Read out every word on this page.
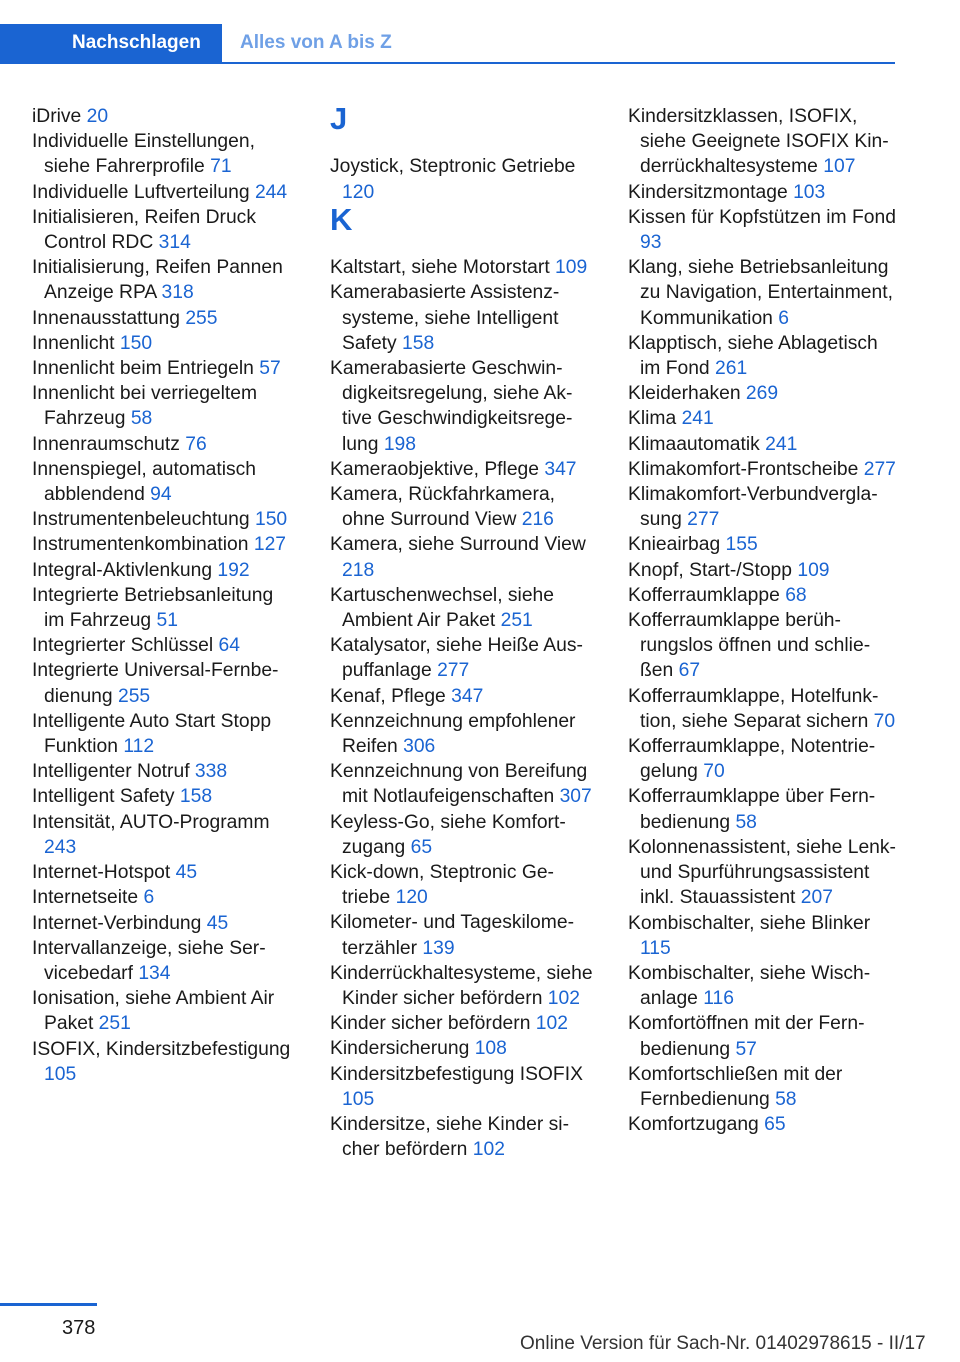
Nachschlagen	Alles von A bis Z
iDrive 20
Individuelle Einstellungen, siehe Fahrerprofile 71
Individuelle Luftverteilung 244
Initialisieren, Reifen Druck Control RDC 314
Initialisierung, Reifen Pannen Anzeige RPA 318
Innenausstattung 255
Innenlicht 150
Innenlicht beim Entriegeln 57
Innenlicht bei verriegeltem Fahrzeug 58
Innenraumschutz 76
Innenspiegel, automatisch abblendend 94
Instrumentenbeleuchtung 150
Instrumentenkombination 127
Integral-Aktivlenkung 192
Integrierte Betriebsanleitung im Fahrzeug 51
Integrierter Schlüssel 64
Integrierte Universal-Fernbedienung 255
Intelligente Auto Start Stopp Funktion 112
Intelligenter Notruf 338
Intelligent Safety 158
Intensität, AUTO-Programm 243
Internet-Hotspot 45
Internetseite 6
Internet-Verbindung 45
Intervallanzeige, siehe Servicebedarf 134
Ionisation, siehe Ambient Air Paket 251
ISOFIX, Kindersitzbefestigung 105
J
Joystick, Steptronic Getriebe 120
K
Kaltstart, siehe Motorstart 109
Kamerabasierte Assistenzsysteme, siehe Intelligent Safety 158
Kamerabasierte Geschwindigkeitsregelung, siehe Aktive Geschwindigkeitsregelung 198
Kameraobjektive, Pflege 347
Kamera, Rückfahrkamera, ohne Surround View 216
Kamera, siehe Surround View 218
Kartuschenwechsel, siehe Ambient Air Paket 251
Katalysator, siehe Heiße Auspuffanlage 277
Kenaf, Pflege 347
Kennzeichnung empfohlener Reifen 306
Kennzeichnung von Bereifung mit Notlaufeigenschaften 307
Keyless-Go, siehe Komfortzugang 65
Kick-down, Steptronic Getriebe 120
Kilometer- und Tageskilometerzähler 139
Kinderrückhaltesysteme, siehe Kinder sicher befördern 102
Kinder sicher befördern 102
Kindersicherung 108
Kindersitzbefestigung ISOFIX 105
Kindersitze, siehe Kinder sicher befördern 102
Kindersitzklassen, ISOFIX, siehe Geeignete ISOFIX Kinderrückhaltesysteme 107
Kindersitzmontage 103
Kissen für Kopfstützen im Fond 93
Klang, siehe Betriebsanleitung zu Navigation, Entertainment, Kommunikation 6
Klapptisch, siehe Ablagetisch im Fond 261
Kleiderhaken 269
Klima 241
Klimaautomatik 241
Klimakomfort-Frontscheibe 277
Klimakomfort-Verbundverglasung 277
Knieairbag 155
Knopf, Start-/Stopp 109
Kofferraumklappe 68
Kofferraumklappe berührungslos öffnen und schließen 67
Kofferraumklappe, Hotelfunktion, siehe Separat sichern 70
Kofferraumklappe, Notentriegelung 70
Kofferraumklappe über Fernbedienung 58
Kolonnenassistent, siehe Lenk- und Spurführungsassistent inkl. Stauassistent 207
Kombischalter, siehe Blinker 115
Kombischalter, siehe Wischanlage 116
Komfortöffnen mit der Fernbedienung 57
Komfortschließen mit der Fernbedienung 58
Komfortzugang 65
378
Online Version für Sach-Nr. 01402978615 - II/17
